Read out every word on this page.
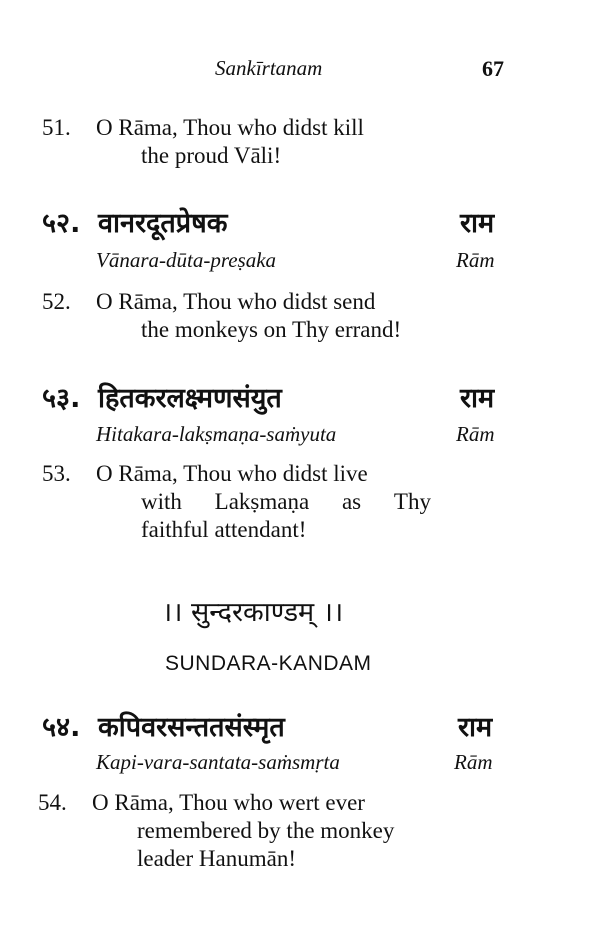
Sankīrtanam	67
51. O Rāma, Thou who didst kill
the proud Vāli!
५२. वानरदूतप्रेषक	राम
Vānara-dūta-preṣaka	Rām
52. O Rāma, Thou who didst send
the monkeys on Thy errand!
५३. हितकरलक्ष्मणसंयुत	राम
Hitakara-lakṣmaṇa-saṁyuta	Rām
53. O Rāma, Thou who didst live
with Lakṣmaṇa as Thy
faithful attendant!
।। सुन्दरकाण्डम् ।।
SUNDARA-KANDAM
५४. कपिवरसन्ततसंस्मृत	राम
Kapi-vara-santata-saṁsmṛta	Rām
54. O Rāma, Thou who wert ever
remembered by the monkey
leader Hanumān!
